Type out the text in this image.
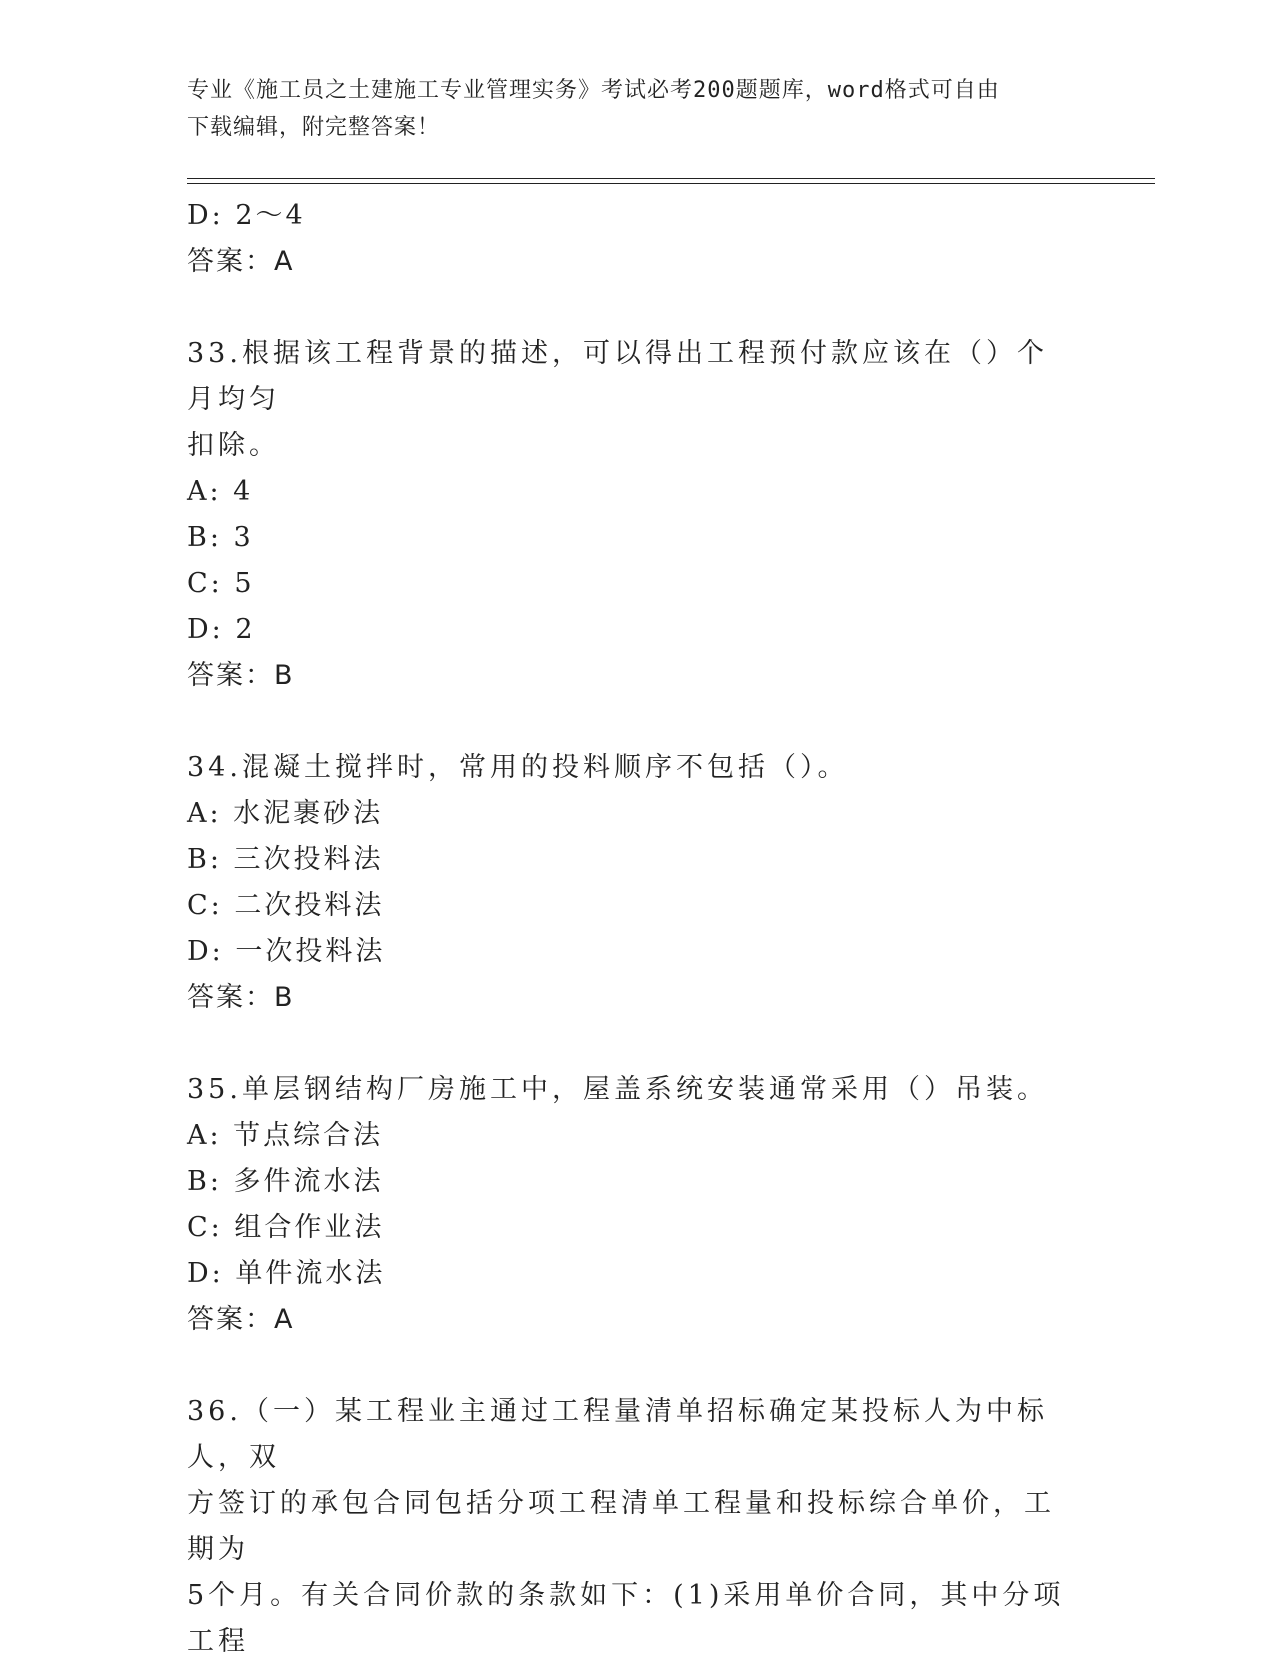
专业《施工员之土建施工专业管理实务》考试必考200题题库，word格式可自由
下载编辑，附完整答案！
D: 2～4
答案：A
33.根据该工程背景的描述，可以得出工程预付款应该在（）个月均匀
扣除。
A: 4
B: 3
C: 5
D: 2
答案：B
34.混凝土搅拌时，常用的投料顺序不包括（）。
A: 水泥裹砂法
B: 三次投料法
C: 二次投料法
D: 一次投料法
答案：B
35.单层钢结构厂房施工中，屋盖系统安装通常采用（）吊装。
A: 节点综合法
B: 多件流水法
C: 组合作业法
D: 单件流水法
答案：A
36.（一）某工程业主通过工程量清单招标确定某投标人为中标人，双
方签订的承包合同包括分项工程清单工程量和投标综合单价，工期为
5个月。有关合同价款的条款如下：(1)采用单价合同，其中分项工程
